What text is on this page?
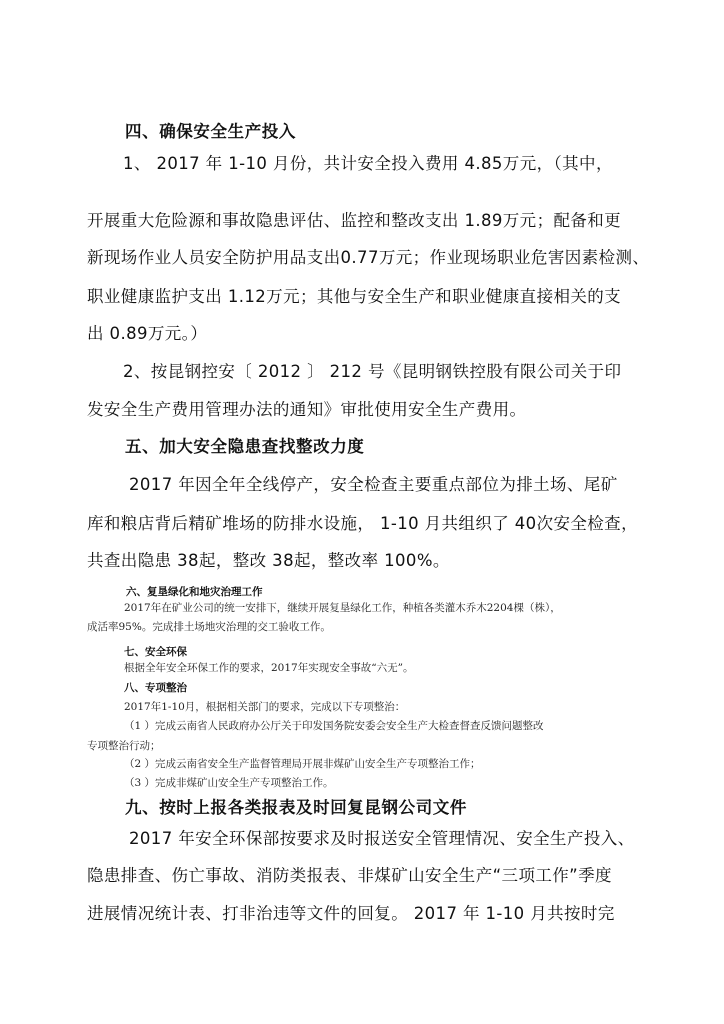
四、确保安全生产投入
1、 2017 年 1-10 月份，共计安全投入费用 4.85万元，（其中，
开展重大危险源和事故隐患评估、监控和整改支出 1.89万元；配备和更
新现场作业人员安全防护用品支出0.77万元；作业现场职业危害因素检测、
职业健康监护支出 1.12万元；其他与安全生产和职业健康直接相关的支
出 0.89万元。）
2、按昆钢控安〔 2012 〕 212 号《昆明钢铁控股有限公司关于印
发安全生产费用管理办法的通知》审批使用安全生产费用。
五、加大安全隐患查找整改力度
2017 年因全年全线停产，安全检查主要重点部位为排土场、尾矿
库和粮店背后精矿堆场的防排水设施， 1-10 月共组织了 40次安全检查，
共查出隐患 38起，整改 38起，整改率 100%。
六、复垦绿化和地灾治理工作
2017年在矿业公司的统一安排下，继续开展复垦绿化工作，种植各类灌木乔木2204棵（株），
成活率95%。完成排土场地灾治理的交工验收工作。
七、安全环保
根据全年安全环保工作的要求，2017年实现安全事故“六无”。
八、专项整治
2017年1-10月，根据相关部门的要求，完成以下专项整治：
（1 ）完成云南省人民政府办公厅关于印发国务院安委会安全生产大检查督查反馈问题整改
专项整治行动；
（2 ）完成云南省安全生产监督管理局开展非煤矿山安全生产专项整治工作；
（3 ）完成非煤矿山安全生产专项整治工作。
九、按时上报各类报表及时回复昆钢公司文件
2017 年安全环保部按要求及时报送安全管理情况、安全生产投入、
隐患排查、伤亡事故、消防类报表、非煤矿山安全生产“三项工作”季度
进展情况统计表、打非治违等文件的回复。 2017 年 1-10 月共按时完
